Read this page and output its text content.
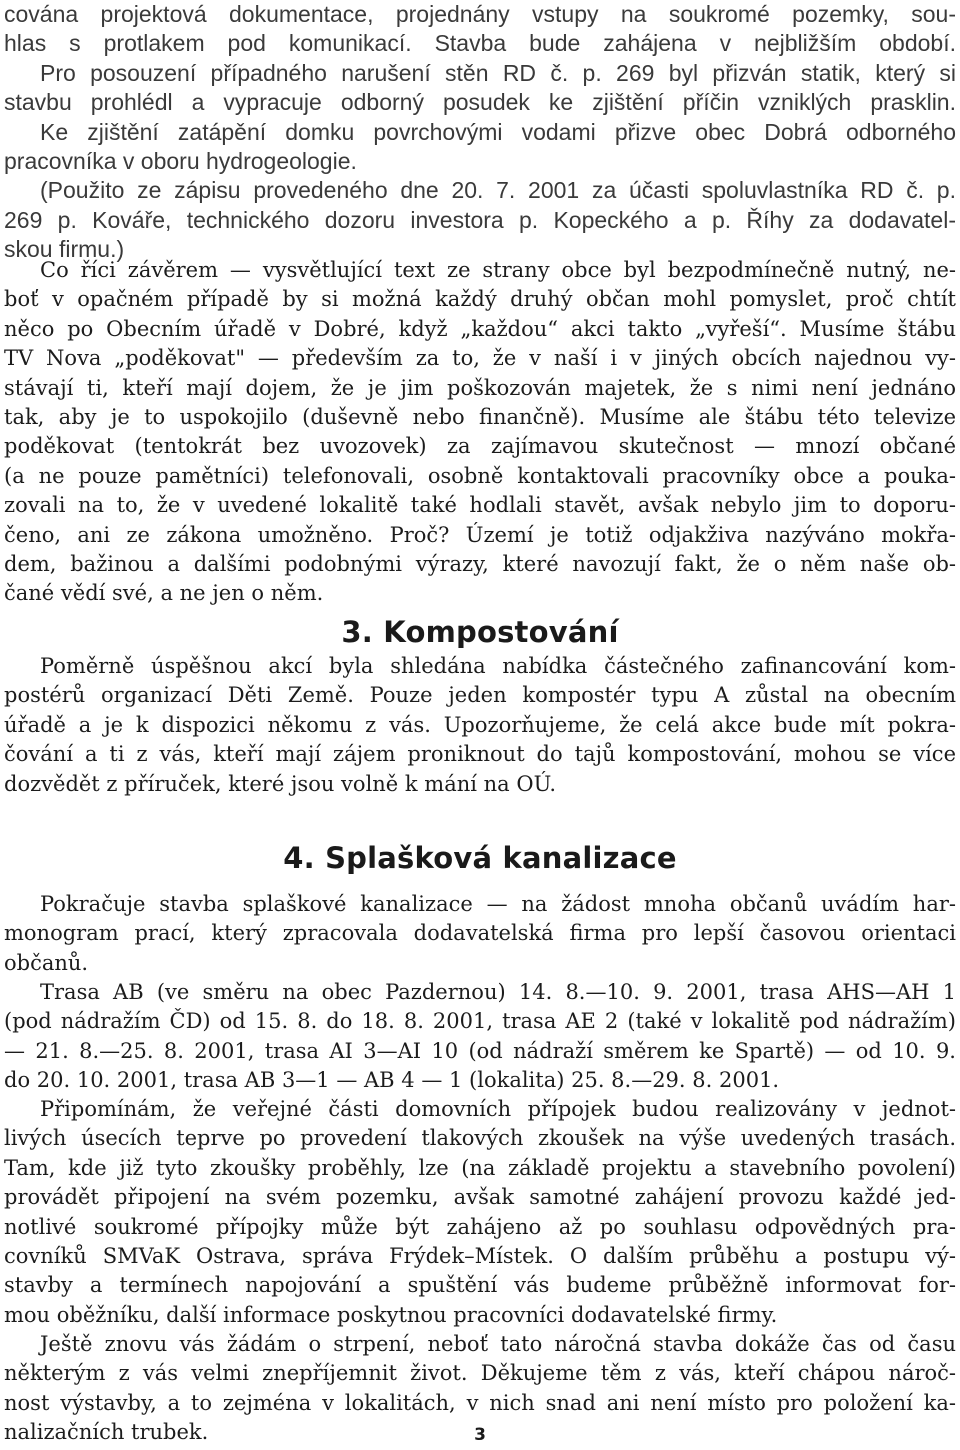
cována projektová dokumentace, projednány vstupy na soukromé pozemky, sou-
hlas s protlakem pod komunikací. Stavba bude zahájena v nejbližším období.
Pro posouzení případného narušení stěn RD č. p. 269 byl přizván statik, který si
stavbu prohlédl a vypracuje odborný posudek ke zjištění příčin vzniklých prasklin.
Ke zjištění zatápění domku povrchovými vodami přizve obec Dobrá odborného
pracovníka v oboru hydrogeologie.
(Použito ze zápisu provedeného dne 20. 7. 2001 za účasti spoluvlastníka RD č. p.
269 p. Kováře, technického dozoru investora p. Kopeckého a p. Říhy za dodavatel-
skou firmu.)
Co říci závěrem — vysvětlující text ze strany obce byl bezpodmínečně nutný, ne-
boť v opačném případě by si možná každý druhý občan mohl pomyslet, proč chtít
něco po Obecním úřadě v Dobré, když „každou“ akci takto „vyřeší“. Musíme štábu
TV Nova „poděkovat" — především za to, že v naší i v jiných obcích najednou vy-
stávají ti, kteří mají dojem, že je jim poškozován majetek, že s nimi není jednáno
tak, aby je to uspokojilo (duševně nebo finančně). Musíme ale štábu této televize
poděkovat (tentokrát bez uvozovek) za zajímavou skutečnost — mnozí občané
(a ne pouze pamětníci) telefonovali, osobně kontaktovali pracovníky obce a pouka-
zovali na to, že v uvedené lokalitě také hodlali stavět, avšak nebylo jim to doporu-
čeno, ani ze zákona umožněno. Proč? Území je totiž odjakživa nazýváno mokřa-
dem, bažinou a dalšími podobnými výrazy, které navozují fakt, že o něm naše ob-
čané vědí své, a ne jen o něm.
3. Kompostování
Poměrně úspěšnou akcí byla shledána nabídka částečného zafinancování kom-
postérů organizací Děti Země. Pouze jeden kompostér typu A zůstal na obecním
úřadě a je k dispozici někomu z vás. Upozorňujeme, že celá akce bude mít pokra-
čování a ti z vás, kteří mají zájem proniknout do tajů kompostování, mohou se více
dozvědět z příruček, které jsou volně k mání na OÚ.
4. Splašková kanalizace
Pokračuje stavba splaškové kanalizace — na žádost mnoha občanů uvádím har-
monogram prací, který zpracovala dodavatelská firma pro lepší časovou orientaci
občanů.
Trasa AB (ve směru na obec Pazdernou) 14. 8.—10. 9. 2001, trasa AHS—AH 1
(pod nádražím ČD) od 15. 8. do 18. 8. 2001, trasa AE 2 (také v lokalitě pod nádražím)
— 21. 8.—25. 8. 2001, trasa AI 3—AI 10 (od nádraží směrem ke Spartě) — od 10. 9.
do 20. 10. 2001, trasa AB 3—1 — AB 4 — 1 (lokalita) 25. 8.—29. 8. 2001.
Připomínám, že veřejné části domovních přípojek budou realizovány v jednot-
livých úsecích teprve po provedení tlakových zkoušek na výše uvedených trasách.
Tam, kde již tyto zkoušky proběhly, lze (na základě projektu a stavebního povolení)
provádět připojení na svém pozemku, avšak samotné zahájení provozu každé jed-
notlivé soukromé přípojky může být zahájeno až po souhlasu odpovědných pra-
covníků SMVaK Ostrava, správa Frýdek–Místek. O dalším průběhu a postupu vý-
stavby a termínech napojování a spuštění vás budeme průběžně informovat for-
mou oběžníku, další informace poskytnou pracovníci dodavatelské firmy.
Ještě znovu vás žádám o strpení, neboť tato náročná stavba dokáže čas od času
některým z vás velmi znepříjemnit život. Děkujeme těm z vás, kteří chápou nároč-
nost výstavby, a to zejména v lokalitách, v nich snad ani není místo pro položení ka-
nalizačních trubek.	3
